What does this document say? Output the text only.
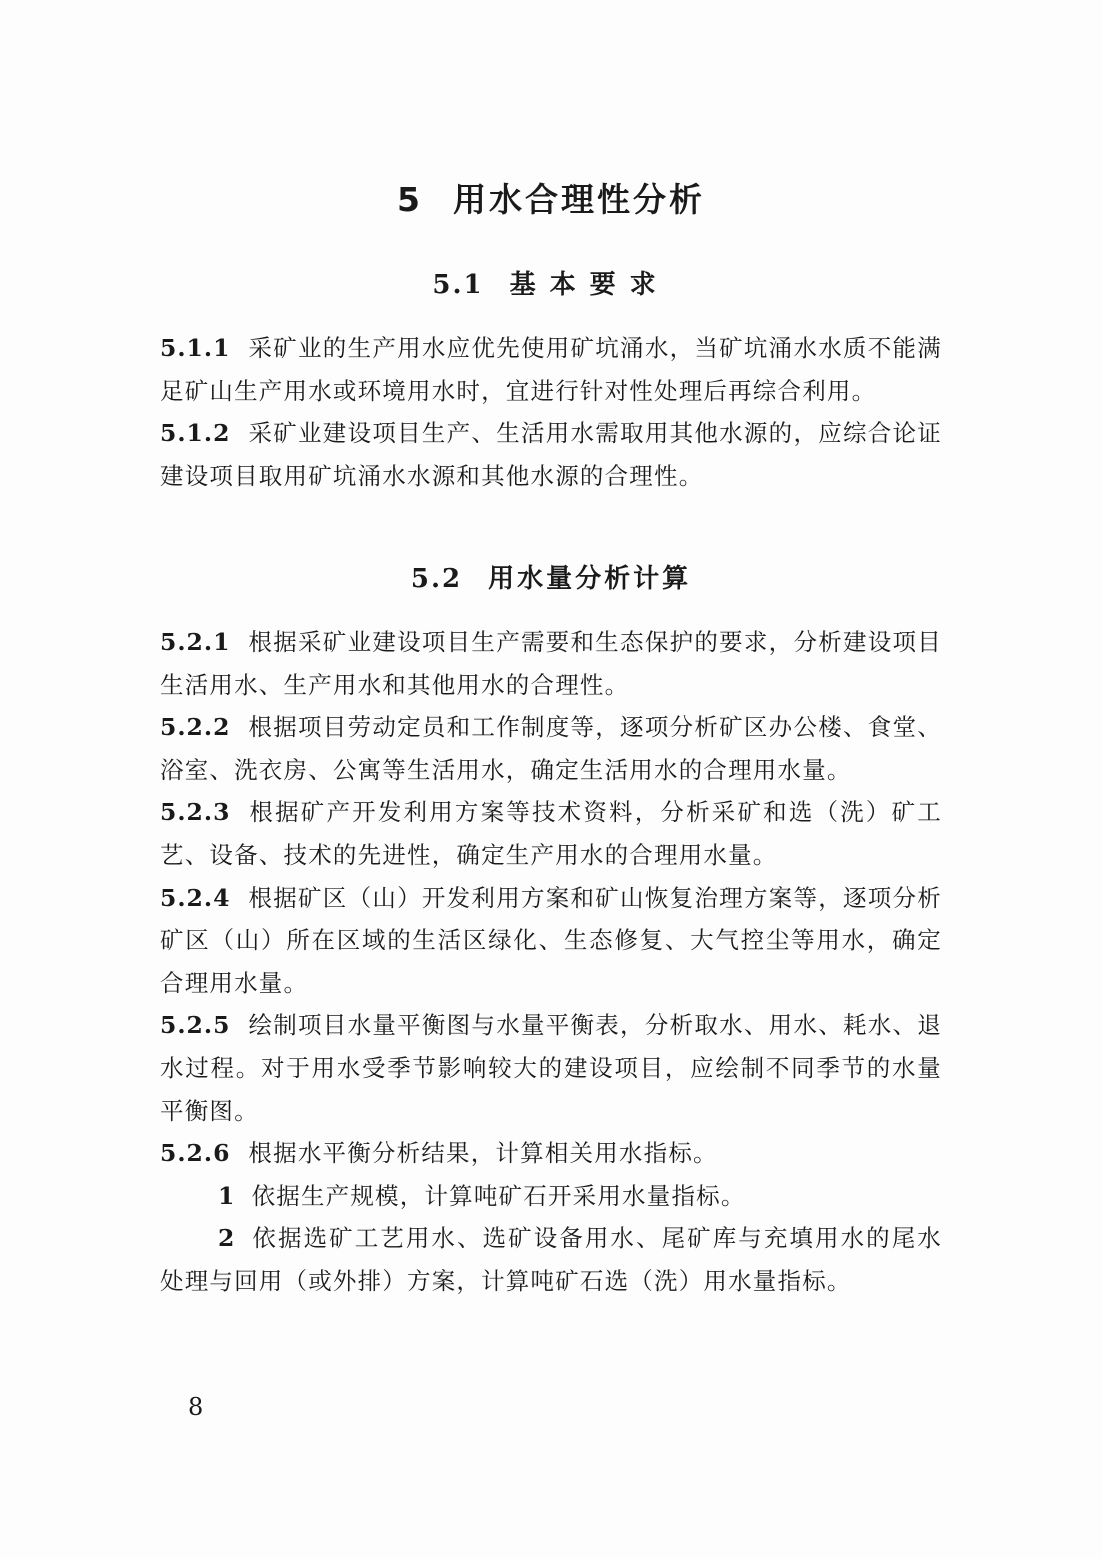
5 用水合理性分析
5.1 基本要求

5.1.1 采矿业的生产用水应优先使用矿坑涌水，当矿坑涌水水质不能满足矿山生产用水或环境用水时，宜进行针对性处理后再综合利用。

5.1.2 采矿业建设项目生产、生活用水需取用其他水源的，应综合论证建设项目取用矿坑涌水水源和其他水源的合理性。

5.2 用水量分析计算

5.2.1 根据采矿业建设项目生产需要和生态保护的要求，分析建设项目生活用水、生产用水和其他用水的合理性。

5.2.2 根据项目劳动定员和工作制度等，逐项分析矿区办公楼、食堂、浴室、洗衣房、公寓等生活用水，确定生活用水的合理用水量。

5.2.3 根据矿产开发利用方案等技术资料，分析采矿和选（洗）矿工艺、设备、技术的先进性，确定生产用水的合理用水量。

5.2.4 根据矿区（山）开发利用方案和矿山恢复治理方案等，逐项分析矿区（山）所在区域的生活区绿化、生态修复、大气控尘等用水，确定合理用水量。

5.2.5 绘制项目水量平衡图与水量平衡表，分析取水、用水、耗水、退水过程。对于用水受季节影响较大的建设项目，应绘制不同季节的水量平衡图。

5.2.6 根据水平衡分析结果，计算相关用水指标。

1 依据生产规模，计算吨矿石开采用水量指标。

2 依据选矿工艺用水、选矿设备用水、尾矿库与充填用水的尾水处理与回用（或外排）方案，计算吨矿石选（洗）用水量指标。

8
